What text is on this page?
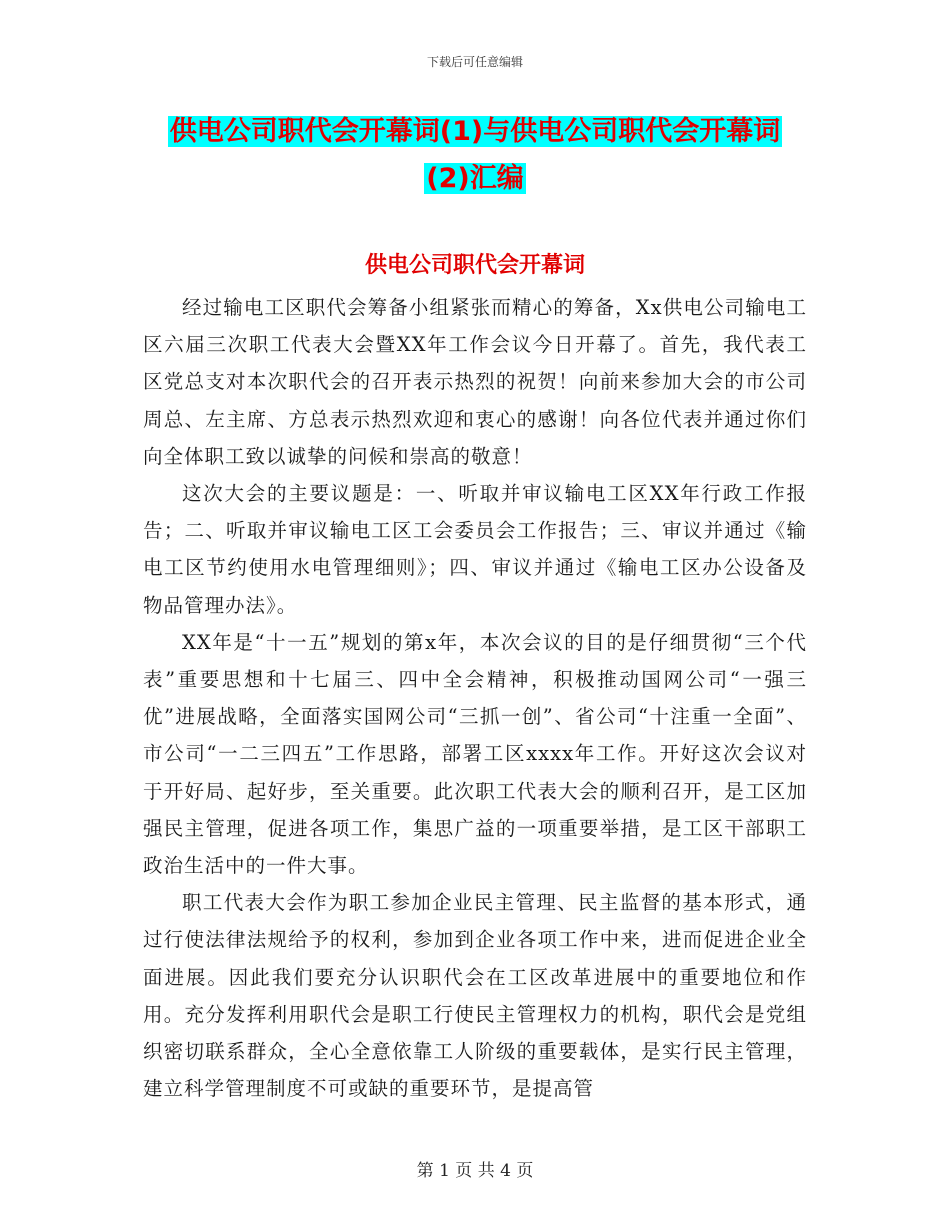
下载后可任意编辑
供电公司职代会开幕词(1)与供电公司职代会开幕词
(2)汇编
供电公司职代会开幕词

经过输电工区职代会筹备小组紧张而精心的筹备，Xx供电公司输电工区六届三次职工代表大会暨XX年工作会议今日开幕了。首先，我代表工区党总支对本次职代会的召开表示热烈的祝贺！向前来参加大会的市公司周总、左主席、方总表示热烈欢迎和衷心的感谢！向各位代表并通过你们向全体职工致以诚挚的问候和崇高的敬意！

这次大会的主要议题是：一、听取并审议输电工区XX年行政工作报告；二、听取并审议输电工区工会委员会工作报告；三、审议并通过《输电工区节约使用水电管理细则》；四、审议并通过《输电工区办公设备及物品管理办法》。

XX年是“十一五”规划的第x年，本次会议的目的是仔细贯彻“三个代表”重要思想和十七届三、四中全会精神，积极推动国网公司“一强三优”进展战略，全面落实国网公司“三抓一创”、省公司“十注重一全面”、市公司“一二三四五”工作思路，部署工区xxxx年工作。开好这次会议对于开好局、起好步，至关重要。此次职工代表大会的顺利召开，是工区加强民主管理，促进各项工作，集思广益的一项重要举措，是工区干部职工政治生活中的一件大事。

职工代表大会作为职工参加企业民主管理、民主监督的基本形式，通过行使法律法规给予的权利，参加到企业各项工作中来，进而促进企业全面进展。因此我们要充分认识职代会在工区改革进展中的重要地位和作用。充分发挥利用职代会是职工行使民主管理权力的机构，职代会是党组织密切联系群众，全心全意依靠工人阶级的重要载体，是实行民主管理，建立科学管理制度不可或缺的重要环节，是提高管

第 1 页 共 4 页
